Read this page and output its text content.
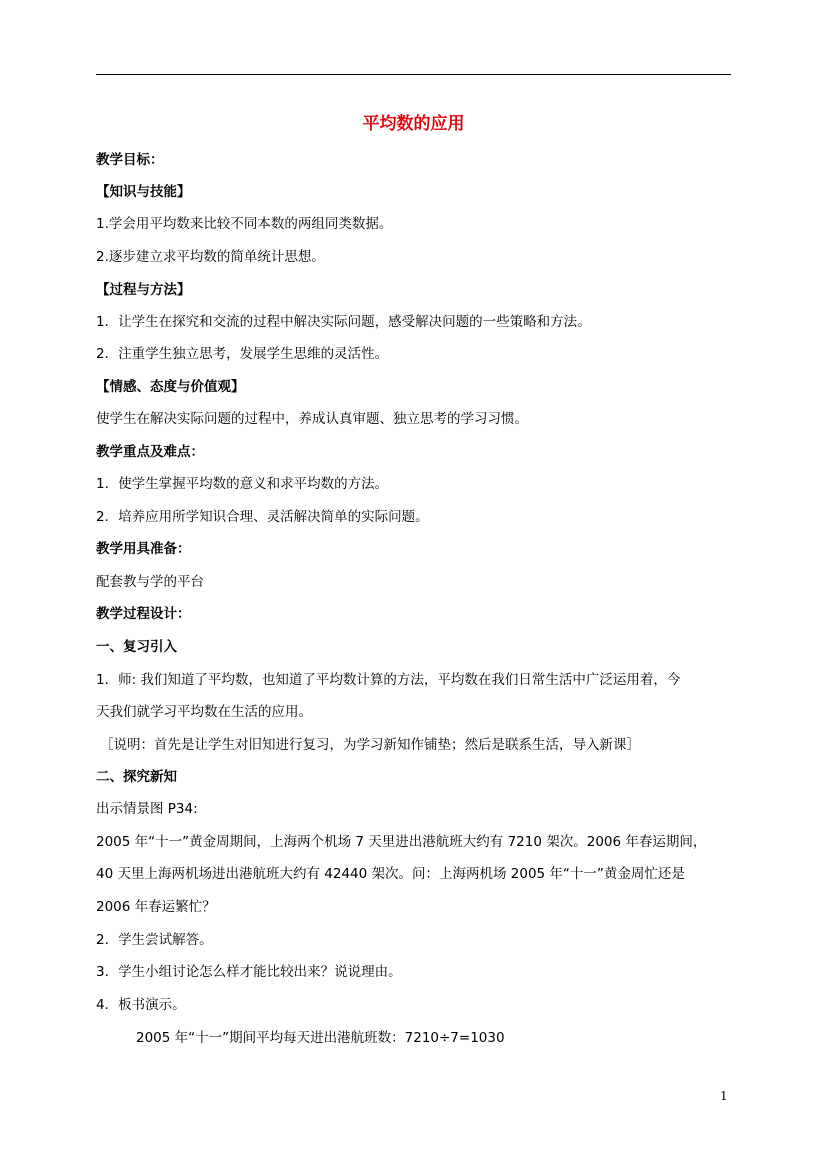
平均数的应用
教学目标：
【知识与技能】
1.学会用平均数来比较不同本数的两组同类数据。
2.逐步建立求平均数的简单统计思想。
【过程与方法】
1．让学生在探究和交流的过程中解决实际问题，感受解决问题的一些策略和方法。
2．注重学生独立思考，发展学生思维的灵活性。
【情感、态度与价值观】
使学生在解决实际问题的过程中，养成认真审题、独立思考的学习习惯。
教学重点及难点：
1．使学生掌握平均数的意义和求平均数的方法。
2．培养应用所学知识合理、灵活解决简单的实际问题。
教学用具准备：
配套教与学的平台
教学过程设计：
一、复习引入
1．师: 我们知道了平均数，也知道了平均数计算的方法，平均数在我们日常生活中广泛运用着，今
天我们就学习平均数在生活的应用。
［说明：首先是让学生对旧知进行复习，为学习新知作铺垫；然后是联系生活，导入新课］
二、探究新知
出示情景图 P34:
2005 年“十一”黄金周期间，上海两个机场 7 天里进出港航班大约有 7210 架次。2006 年春运期间，
40 天里上海两机场进出港航班大约有 42440 架次。问：上海两机场 2005 年“十一”黄金周忙还是
2006 年春运繁忙？
2．学生尝试解答。
3．学生小组讨论怎么样才能比较出来？说说理由。
4．板书演示。
2005 年“十一”期间平均每天进出港航班数：7210÷7=1030
1
